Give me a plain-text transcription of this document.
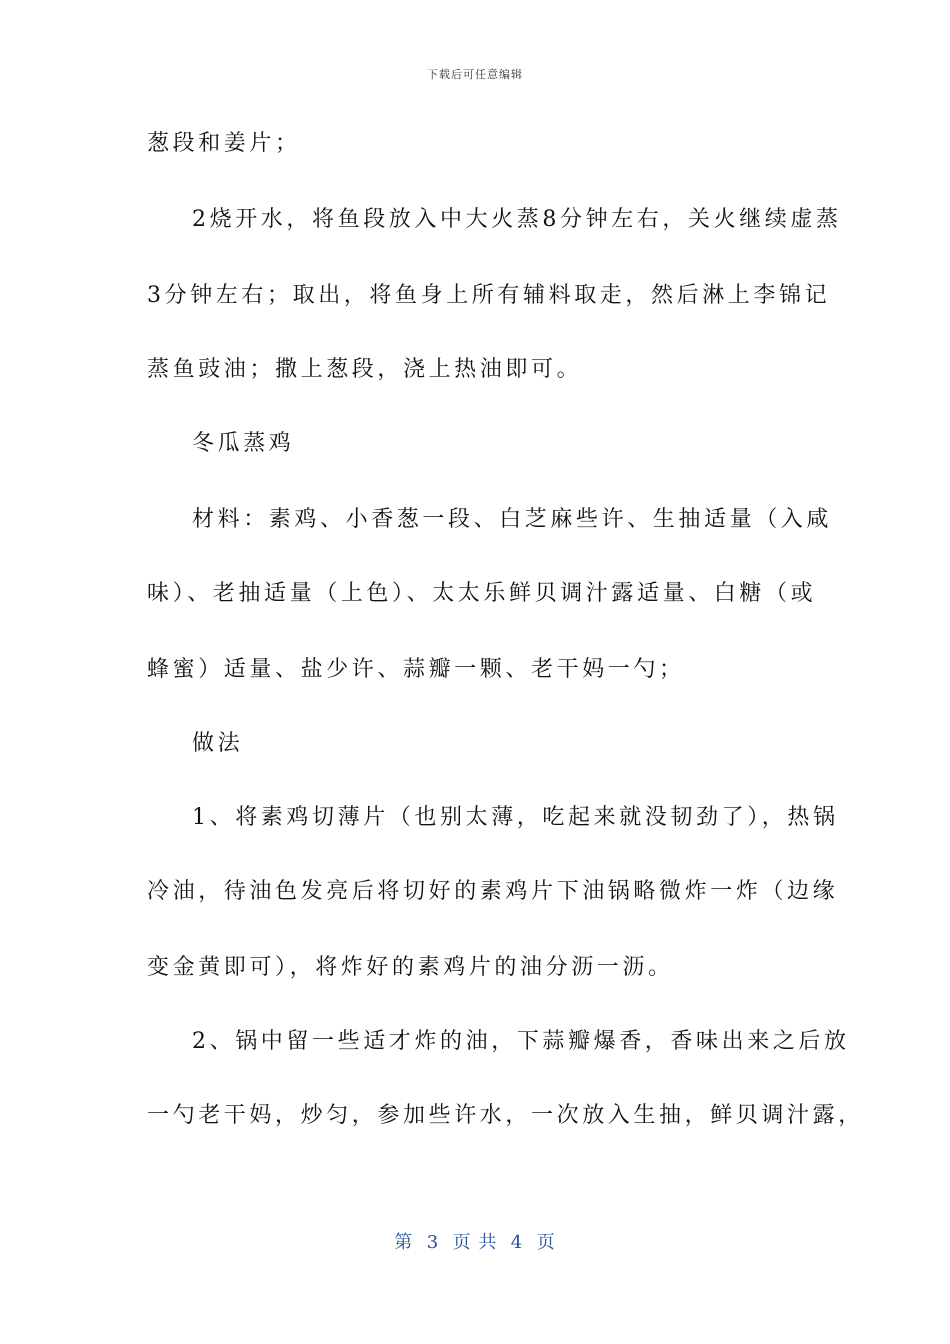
下载后可任意编辑
葱段和姜片；
2烧开水，将鱼段放入中大火蒸8分钟左右，关火继续虚蒸
3分钟左右；取出，将鱼身上所有辅料取走，然后淋上李锦记
蒸鱼豉油；撒上葱段，浇上热油即可。
冬瓜蒸鸡
材料：素鸡、小香葱一段、白芝麻些许、生抽适量（入咸
味）、老抽适量（上色）、太太乐鲜贝调汁露适量、白糖（或
蜂蜜）适量、盐少许、蒜瓣一颗、老干妈一勺；
做法
1、将素鸡切薄片（也别太薄，吃起来就没韧劲了），热锅
冷油，待油色发亮后将切好的素鸡片下油锅略微炸一炸（边缘
变金黄即可），将炸好的素鸡片的油分沥一沥。
2、锅中留一些适才炸的油，下蒜瓣爆香，香味出来之后放
一勺老干妈，炒匀，参加些许水，一次放入生抽，鲜贝调汁露，
第  3  页 共  4  页
